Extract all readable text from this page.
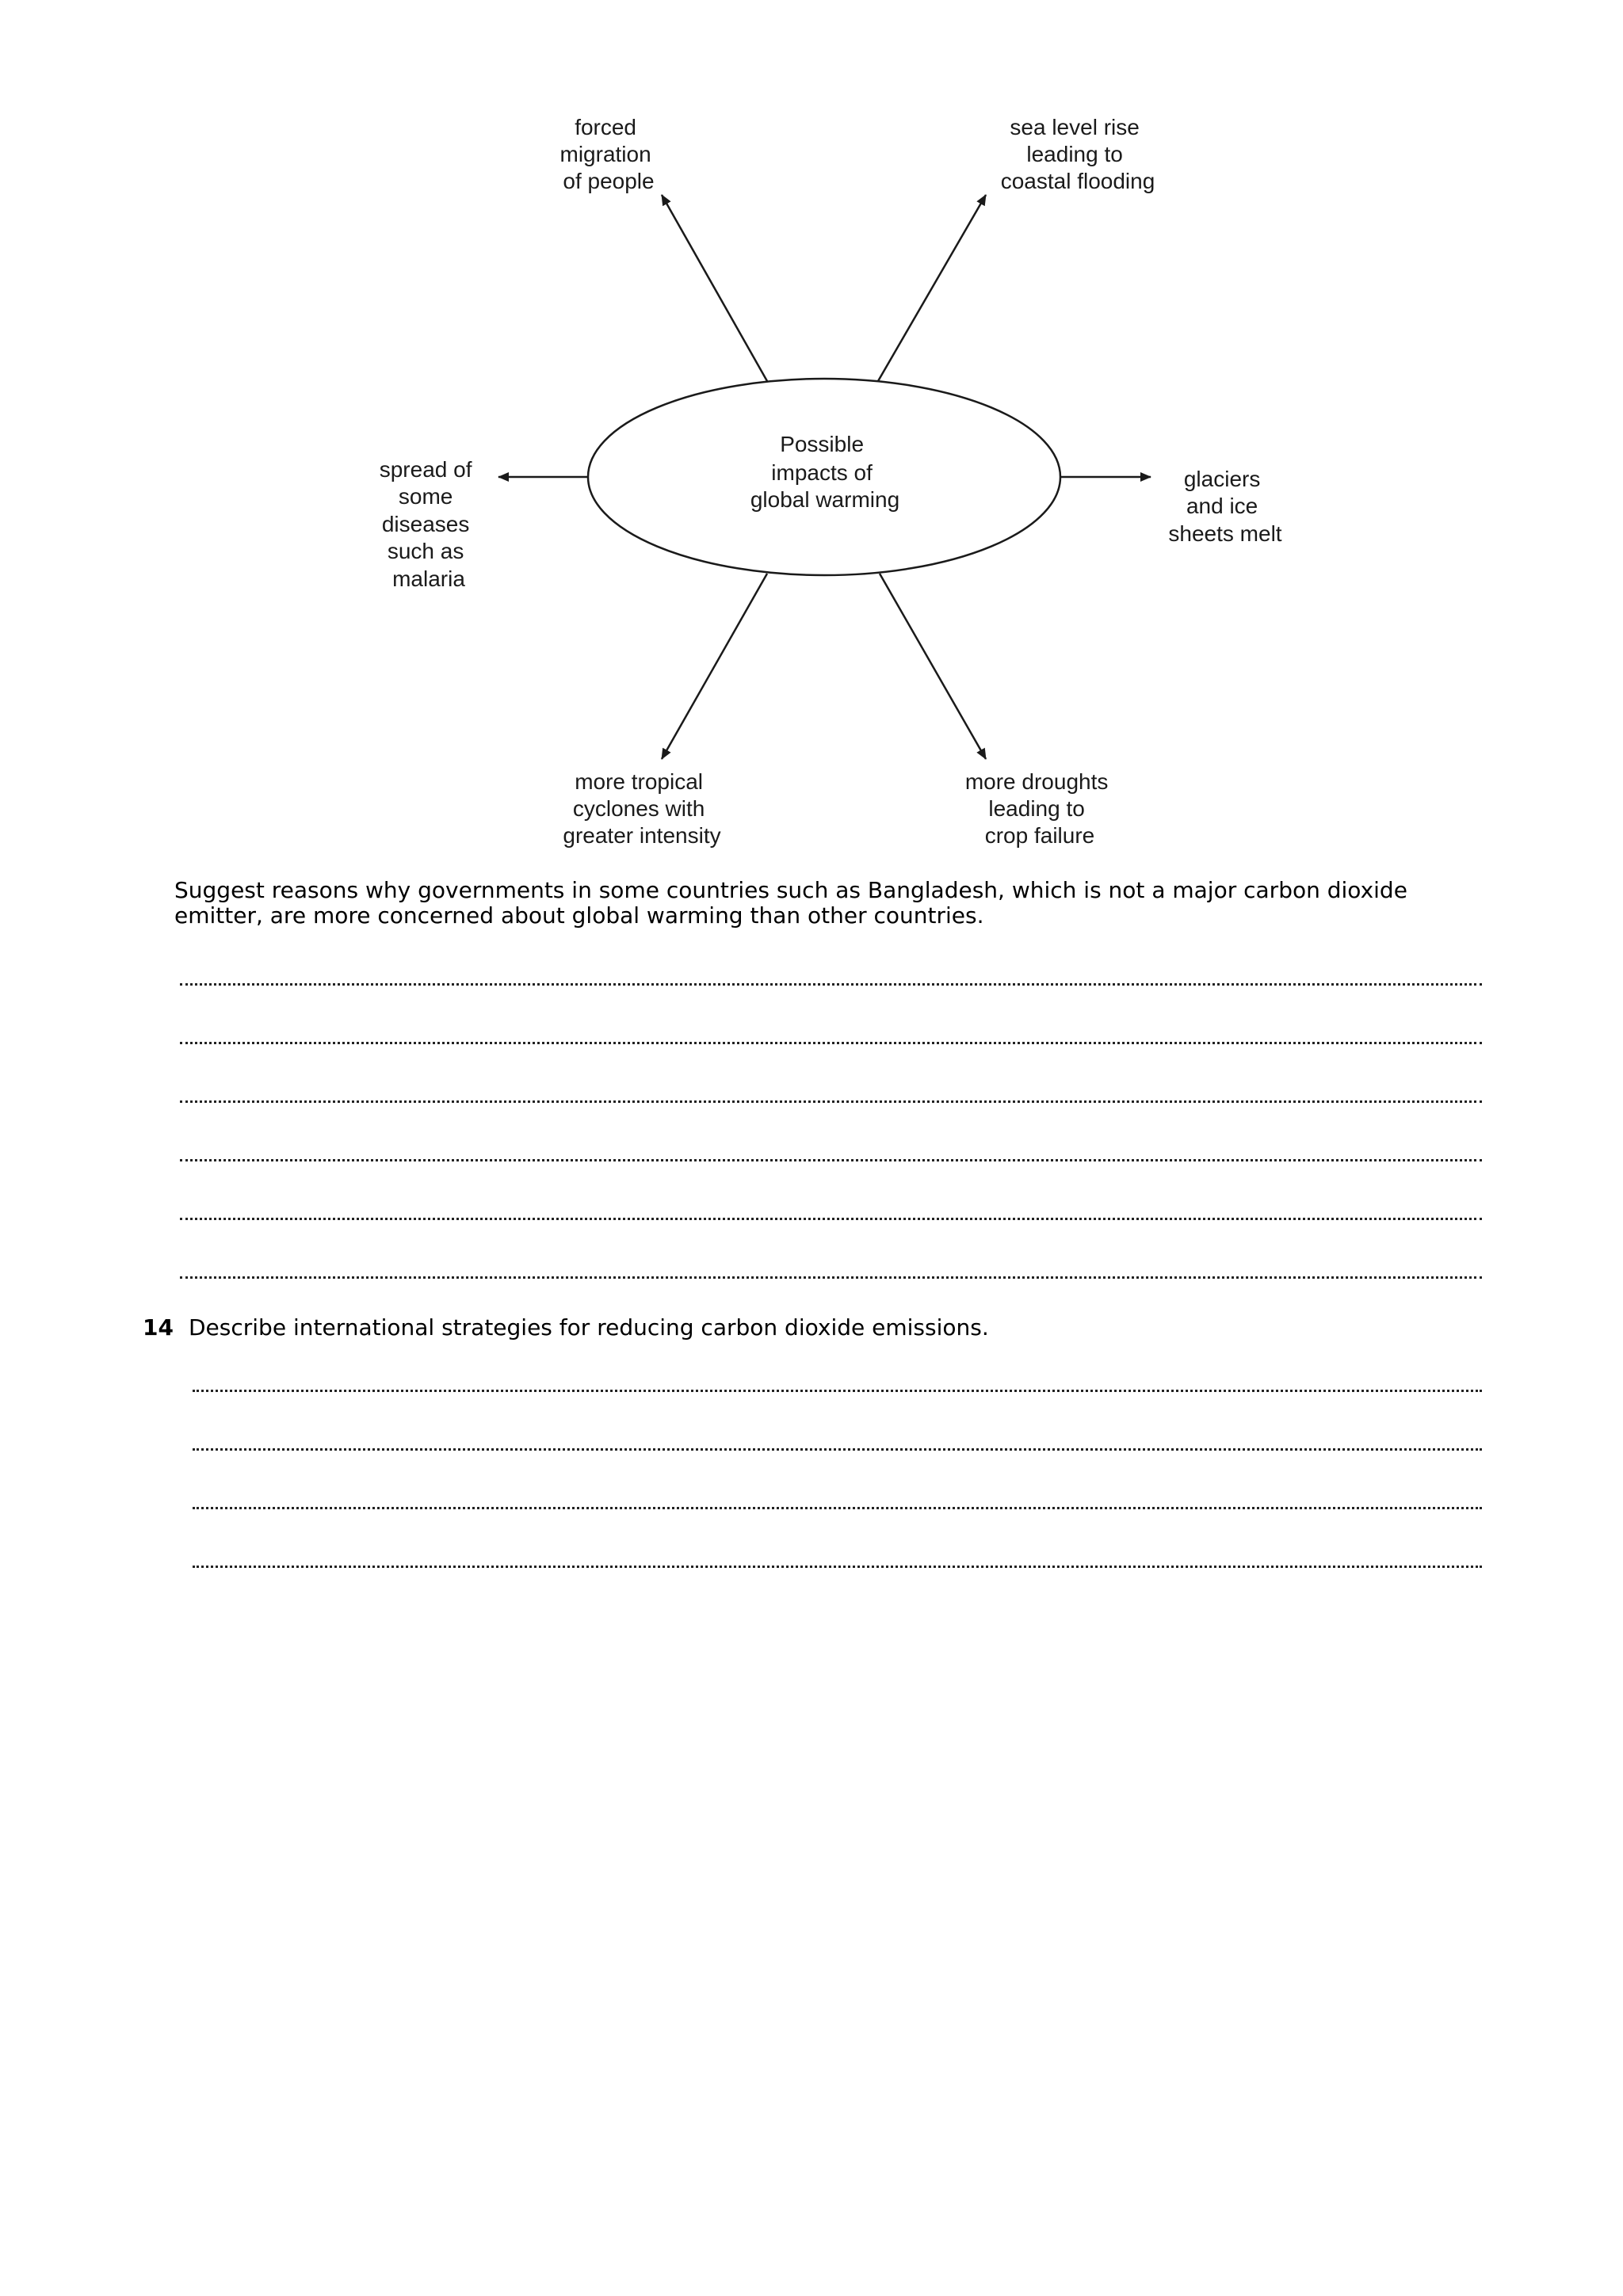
Possible impacts of global warming
forced migration of people
sea level rise leading to coastal flooding
spread of some diseases such as malaria
glaciers and ice sheets melt
more tropical cyclones with greater intensity
more droughts leading to crop failure
Suggest reasons why governments in some countries such as Bangladesh, which is not a major carbon dioxide emitter, are more concerned about global warming than other countries.
14 Describe international strategies for reducing carbon dioxide emissions.
